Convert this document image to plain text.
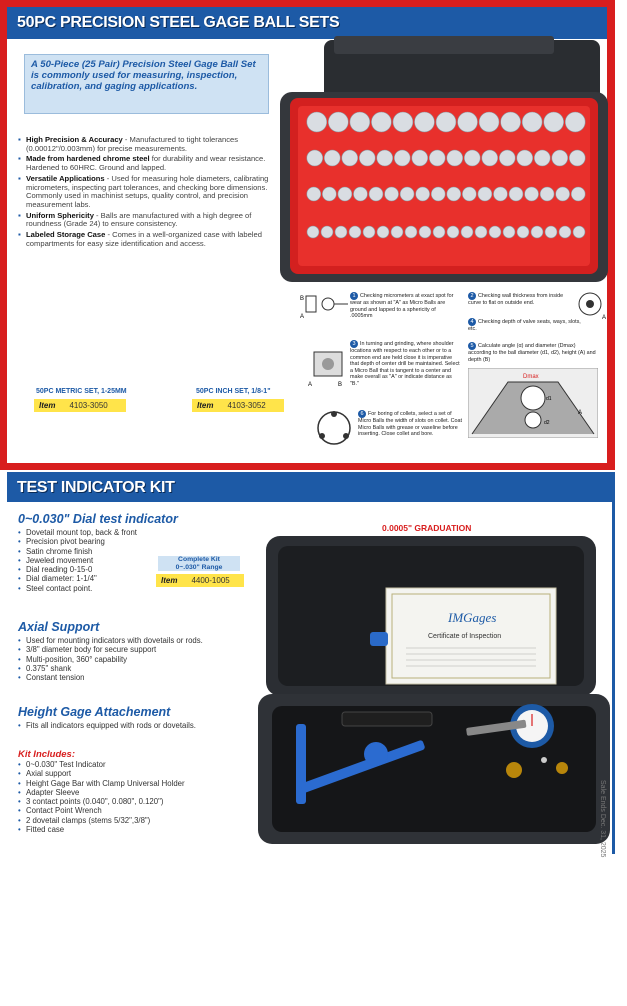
50PC PRECISION STEEL GAGE BALL SETS
A 50-Piece (25 Pair) Precision Steel Gage Ball Set is commonly used for measuring, inspection, calibration, and gaging applications.
▪ High Precision & Accuracy - Manufactured to tight tolerances (0.00012"/0.003mm) for precise measurements.
▪ Made from hardened chrome steel for durability and wear resistance. Hardened to 60HRC. Ground and lapped.
▪ Versatile Applications - Used for measuring hole diameters, calibrating micrometers, inspecting part tolerances, and checking bore dimensions. Commonly used in machinist setups, quality control, and precision measurement labs.
▪ Uniform Sphericity - Balls are manufactured with a high degree of roundness (Grade 24) to ensure consistency.
▪ Labeled Storage Case - Comes in a well-organized case with labeled compartments for easy size identification and access.
50PC METRIC SET, 1-25MM
Item 4103-3050
50PC INCH SET, 1/8-1"
Item 4103-3052
B
A
1 Checking micrometers at exact spot for wear as shown at "A" as Micro Balls are ground and lapped to a sphericity of .0005mm
2 Checking wall thickness from inside curve to flat on outside end.
A
4 Checking depth of valve seats, ways, slots, etc.
A	B
3 In turning and grinding, where shoulder locations with respect to each other or to a common end are held close it is imperative that depth of center drill be maintained. Select a Micro Ball that is tangent to a center and make overall as "A" or indicate distance as "B."
5 Calculate angle (α) and diameter (Dmax) according to the ball diameter (d1, d2), height (A) and depth (B)
Dmax
d1
d2
A
6 For boring of collets, select a set of Micro Balls the width of slots on collet. Coat Micro Balls with grease or vaseline before inserting. Close collet and bore.
TEST INDICATOR KIT
0~0.030" Dial test indicator
• Dovetail mount top, back & front
• Precision pivot bearing
• Satin chrome finish
• Jeweled movement
• Dial reading 0-15-0
• Dial diameter: 1-1/4"
• Steel contact point.
Complete Kit
0~.030" Range
Item 4400-1005
0.0005" GRADUATION
Axial Support
• Used for mounting indicators with dovetails or rods.
• 3/8" diameter body for secure support
• Multi-position, 360° capability
• 0.375" shank
• Constant tension
Height Gage Attachement
• Fits all indicators equipped with rods or dovetails.
Kit Includes:
• 0~0.030" Test Indicator
• Axial support
• Height Gage Bar with Clamp Universal Holder
• Adapter Sleeve
• 3 contact points (0.040", 0.080", 0.120")
• Contact Point Wrench
• 2 dovetail clamps (stems 5/32",3/8")
• Fitted case
IMGages
Certificate of Inspection
Sale Ends Dec. 31, 2025
